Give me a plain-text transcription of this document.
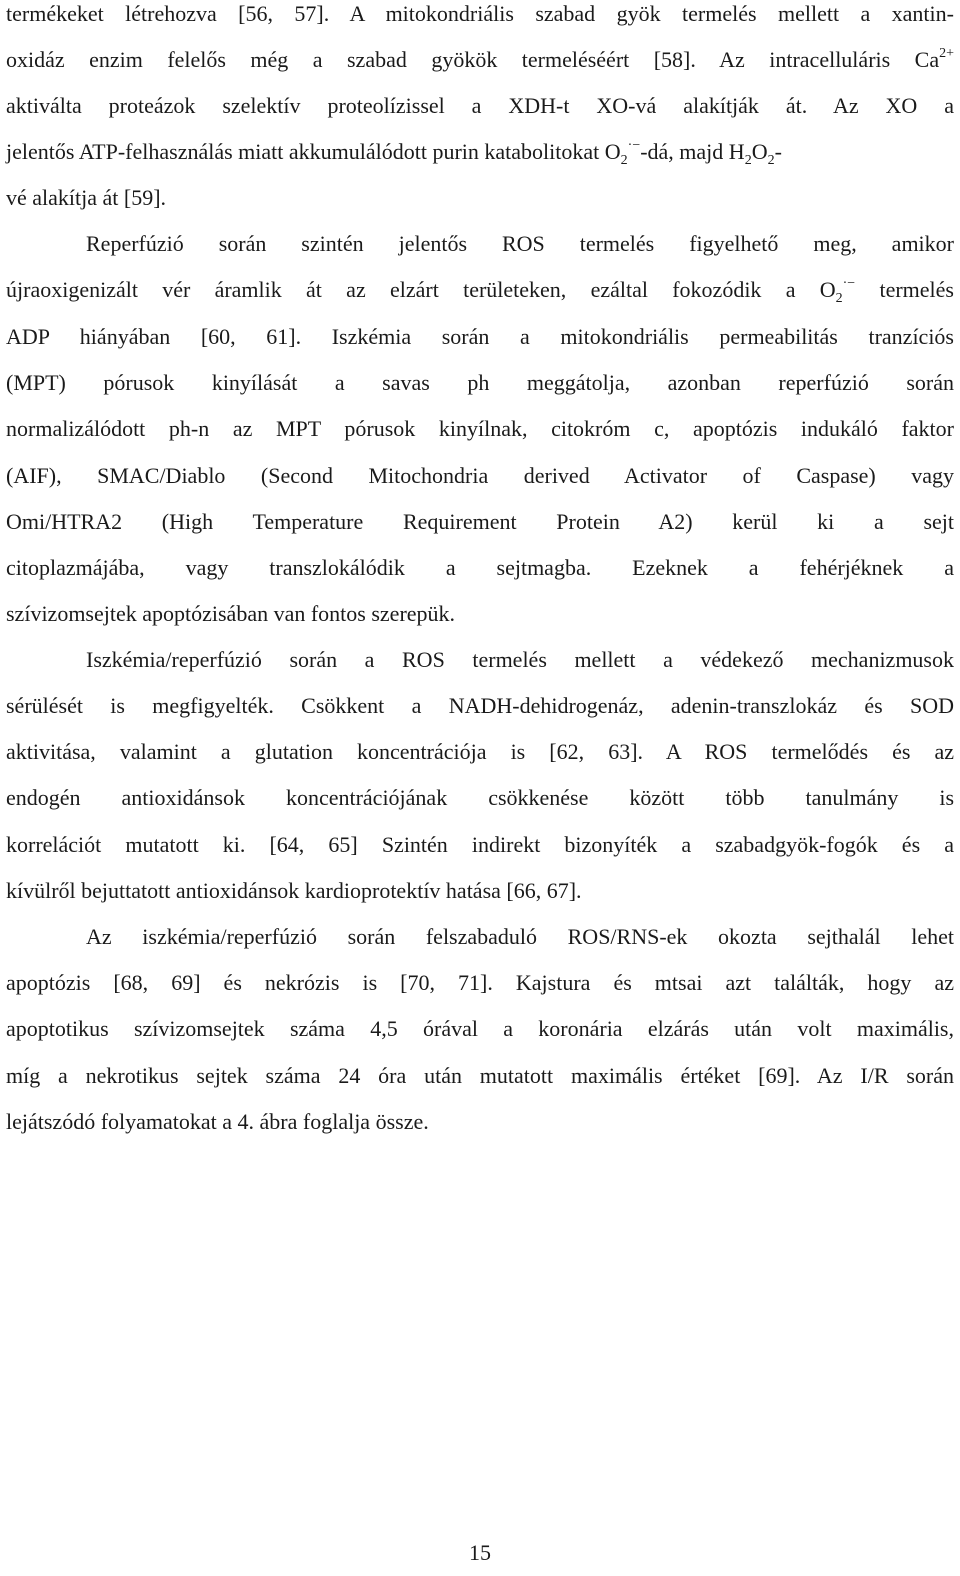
termékeket létrehozva [56, 57]. A mitokondriális szabad gyök termelés mellett a xantin-
oxidáz enzim felelős még a szabad gyökök termeléséért [58]. Az intracelluláris $Ca^{2+}$
aktiválta proteázok szelektív proteolízissel a XDH-t XO-vá alakítják át. Az XO a
jelentős ATP-felhasználás miatt akkumulálódott purin katabolitokat $O_2^{\cdot-}-dá$, majd $H_2O_2-$
vé alakítja át [59].
Reperfúzió során szintén jelentős ROS termelés figyelhető meg, amikor
újraoxigenizált vér áramlik át az elzárt területeken, ezáltal fokozódik a $O_2^{\cdot-}$ termelés
ADP hiányában [60, 61]. Iszkémia során a mitokondriális permeabilitás tranzíciós
(MPT) pórusok kinyílását a savas ph meggátolja, azonban reperfúzió során
normalizálódott ph-n az MPT pórusok kinyílnak, citokróm c, apoptózis indukáló faktor
(AIF), SMAC/Diablo (Second Mitochondria derived Activator of Caspase) vagy
Omi/HTRA2 (High Temperature Requirement Protein A2) kerül ki a sejt
citoplazmájába, vagy transzlokálódik a sejtmagba. Ezeknek a fehérjéknek a
szívizomsejtek apoptózisában van fontos szerepük.
Iszkémia/reperfúzió során a ROS termelés mellett a védekező mechanizmusok
sérülését is megfigyelték. Csökkent a NADH-dehidrogenáz, adenin-transzlokáz és SOD
aktivitása, valamint a glutation koncentrációja is [62, 63]. A ROS termelődés és az
endogén antioxidánsok koncentrációjának csökkenése között több tanulmány is
korrelációt mutatott ki. [64, 65] Szintén indirekt bizonyíték a szabadgyök-fogók és a
kívülről bejuttatott antioxidánsok kardioprotektív hatása [66, 67].
Az iszkémia/reperfúzió során felszabaduló ROS/RNS-ek okozta sejthalál lehet
apoptózis [68, 69] és nekrózis is [70, 71]. Kajstura és mtsai azt találták, hogy az
apoptotikus szívizomsejtek száma 4,5 órával a koronária elzárás után volt maximális,
míg a nekrotikus sejtek száma 24 óra után mutatott maximális értéket [69]. Az I/R során
lejátszódó folyamatokat a 4. ábra foglalja össze.
15
